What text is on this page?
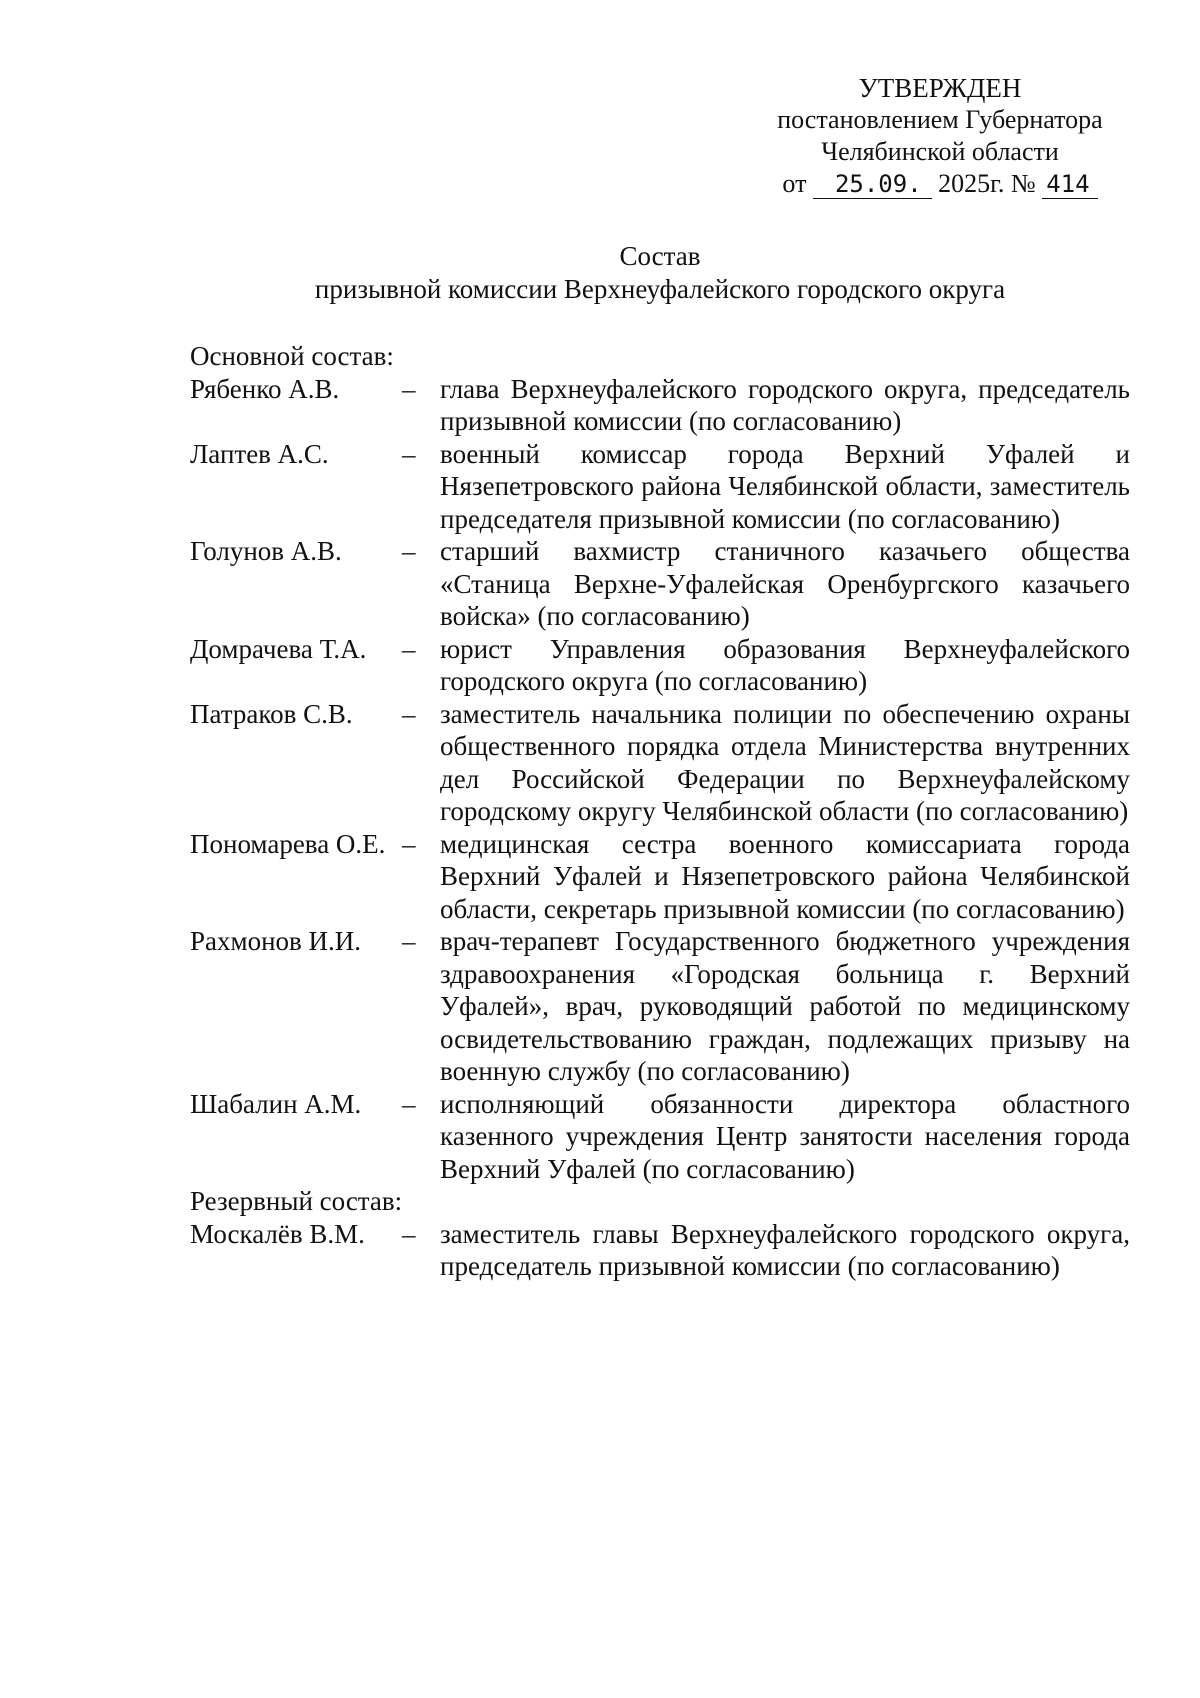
УТВЕРЖДЕН
постановлением Губернатора
Челябинской области
от 25.09. 2025г. № 414
Состав
призывной комиссии Верхнеуфалейского городского округа
Основной состав:
Рябенко А.В.	– глава Верхнеуфалейского городского округа, председатель призывной комиссии (по согласованию)
Лаптев А.С.	– военный комиссар города Верхний Уфалей и Нязепетровского района Челябинской области, заместитель председателя призывной комиссии (по согласованию)
Голунов А.В.	– старший вахмистр станичного казачьего общества «Станица Верхне-Уфалейская Оренбургского казачьего войска» (по согласованию)
Домрачева Т.А.	– юрист Управления образования Верхнеуфалейского городского округа (по согласованию)
Патраков С.В.	– заместитель начальника полиции по обеспечению охраны общественного порядка отдела Министерства внутренних дел Российской Федерации по Верхнеуфалейскому городскому округу Челябинской области (по согласованию)
Пономарева О.Е. – медицинская сестра военного комиссариата города Верхний Уфалей и Нязепетровского района Челябинской области, секретарь призывной комиссии (по согласованию)
Рахмонов И.И.	– врач-терапевт Государственного бюджетного учреждения здравоохранения «Городская больница г. Верхний Уфалей», врач, руководящий работой по медицинскому освидетельствованию граждан, подлежащих призыву на военную службу (по согласованию)
Шабалин А.М.	– исполняющий обязанности директора областного казенного учреждения Центр занятости населения города Верхний Уфалей (по согласованию)
Резервный состав:
Москалёв В.М.	– заместитель главы Верхнеуфалейского городского округа, председатель призывной комиссии (по согласованию)
